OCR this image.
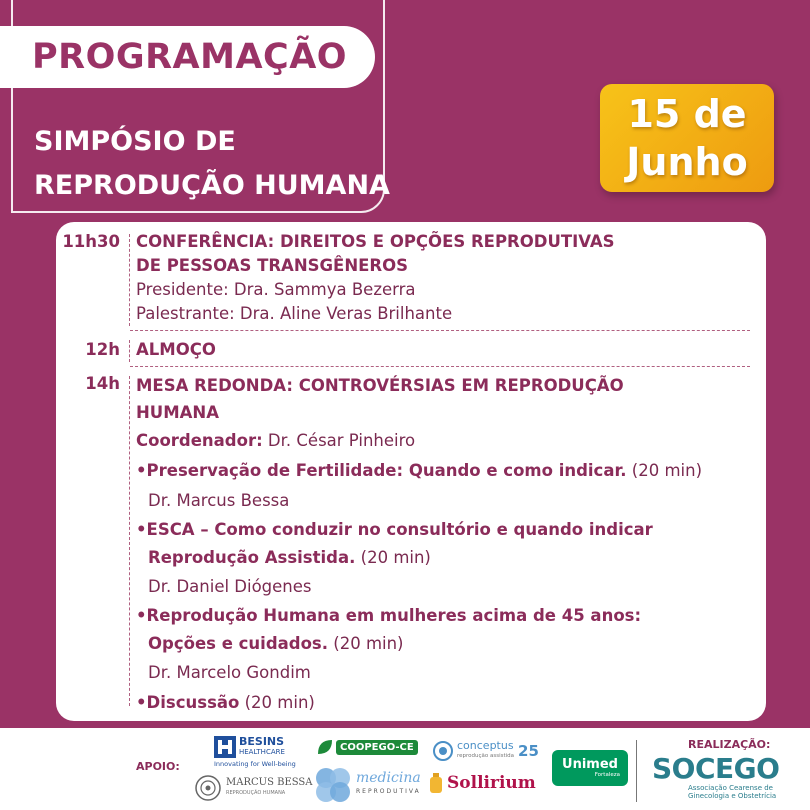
PROGRAMAÇÃO
SIMPÓSIO DE
REPRODUÇÃO HUMANA
15 de
Junho
11h30 CONFERÊNCIA: DIREITOS E OPÇÕES REPRODUTIVAS
DE PESSOAS TRANSGÊNEROS
Presidente: Dra. Sammya Bezerra
Palestrante: Dra. Aline Veras Brilhante
12h ALMOÇO
14h MESA REDONDA: CONTROVÉRSIAS EM REPRODUÇÃO
HUMANA
Coordenador: Dr. César Pinheiro
•Preservação de Fertilidade: Quando e como indicar. (20 min)
Dr. Marcus Bessa
•ESCA – Como conduzir no consultório e quando indicar
Reprodução Assistida. (20 min)
Dr. Daniel Diógenes
•Reprodução Humana em mulheres acima de 45 anos:
Opções e cuidados. (20 min)
Dr. Marcelo Gondim
•Discussão (20 min)
APOIO:
BESINS
HEALTHCARE
Innovating for Well-being
MARCUS BESSA
REPRODUÇÃO HUMANA
COOPEGO-CE
medicina
REPRODUTIVA
conceptus
reprodução assistida 25
Sollirium
Unimed
Fortaleza
REALIZAÇÃO:
SOCEGO
Associação Cearense de
Ginecologia e Obstetrícia
